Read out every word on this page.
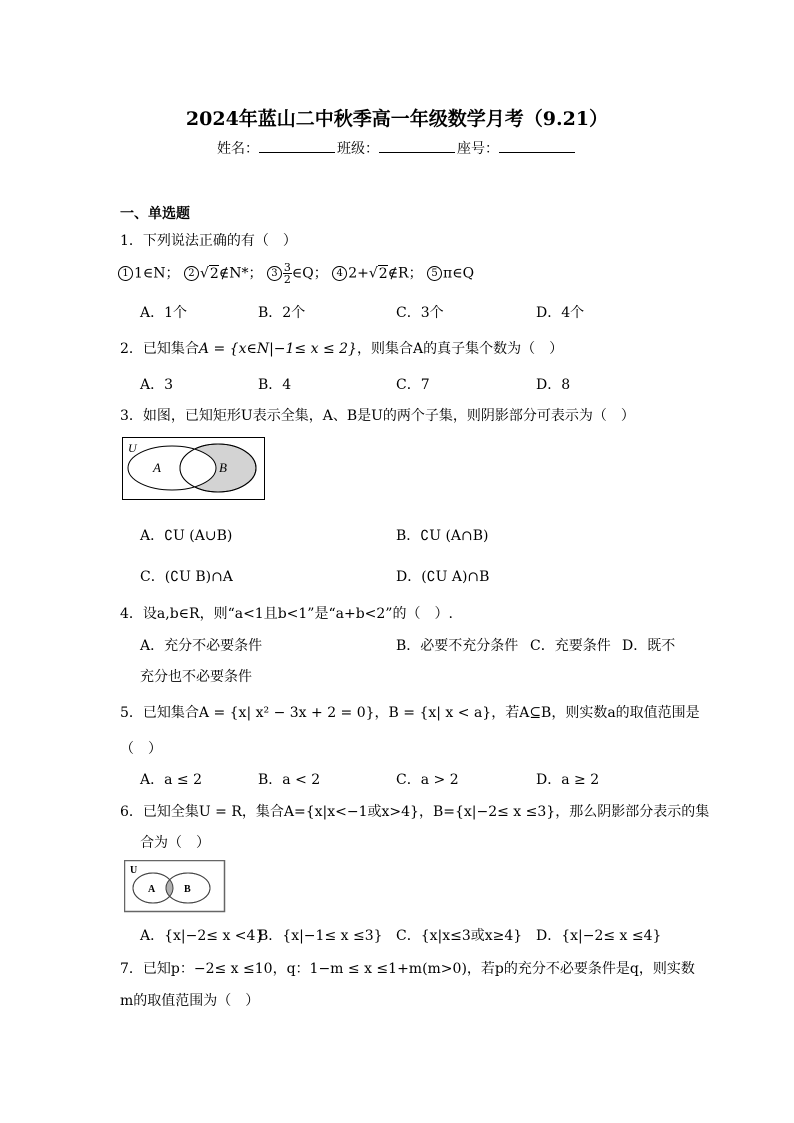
2024年蓝山二中秋季高一年级数学月考（9.21）
姓名：	班级：	座号：
一、单选题
1．下列说法正确的有（　）
1 1∈N； 2 √2∉N*； $3 \frac{3}{2}$ ∈Q； 4 2+√2∉R； 5 π∈Q
A．1个	B．2个	C．3个	D．4个
2．已知集合A = {x∈N|−1≤ x ≤ 2}，则集合A的真子集个数为（　）
A．3	B．4	C．7	D．8
3．如图，已知矩形U表示全集，A、B是U的两个子集，则阴影部分可表示为（　）
U
A	B
A．∁U (A∪B)	B．∁U (A∩B)
C．(∁U B)∩A	D．(∁U A)∩B
4．设a,b∈R，则“a<1且b<1”是“a+b<2”的（　）.
A．充分不必要条件	B．必要不充分条件 C．充要条件 D．既不
充分也不必要条件
5．已知集合A = {x| x² − 3x + 2 = 0}，B = {x| x < a}，若A⊆B，则实数a的取值范围是
（　）
A．a ≤ 2	B．a < 2	C．a > 2	D．a ≥ 2
6．已知全集U = R，集合A={x|x<−1或x>4}，B={x|−2≤ x ≤3}，那么阴影部分表示的集
合为（　）
U
A	B
A．{x|−2≤ x <4}
B．{x|−1≤ x ≤3} C．{x|x≤3或x≥4} D．{x|−2≤ x ≤4}
7．已知p：−2≤ x ≤10，q：1−m ≤ x ≤1+m(m>0)，若p的充分不必要条件是q，则实数
m的取值范围为（　）
